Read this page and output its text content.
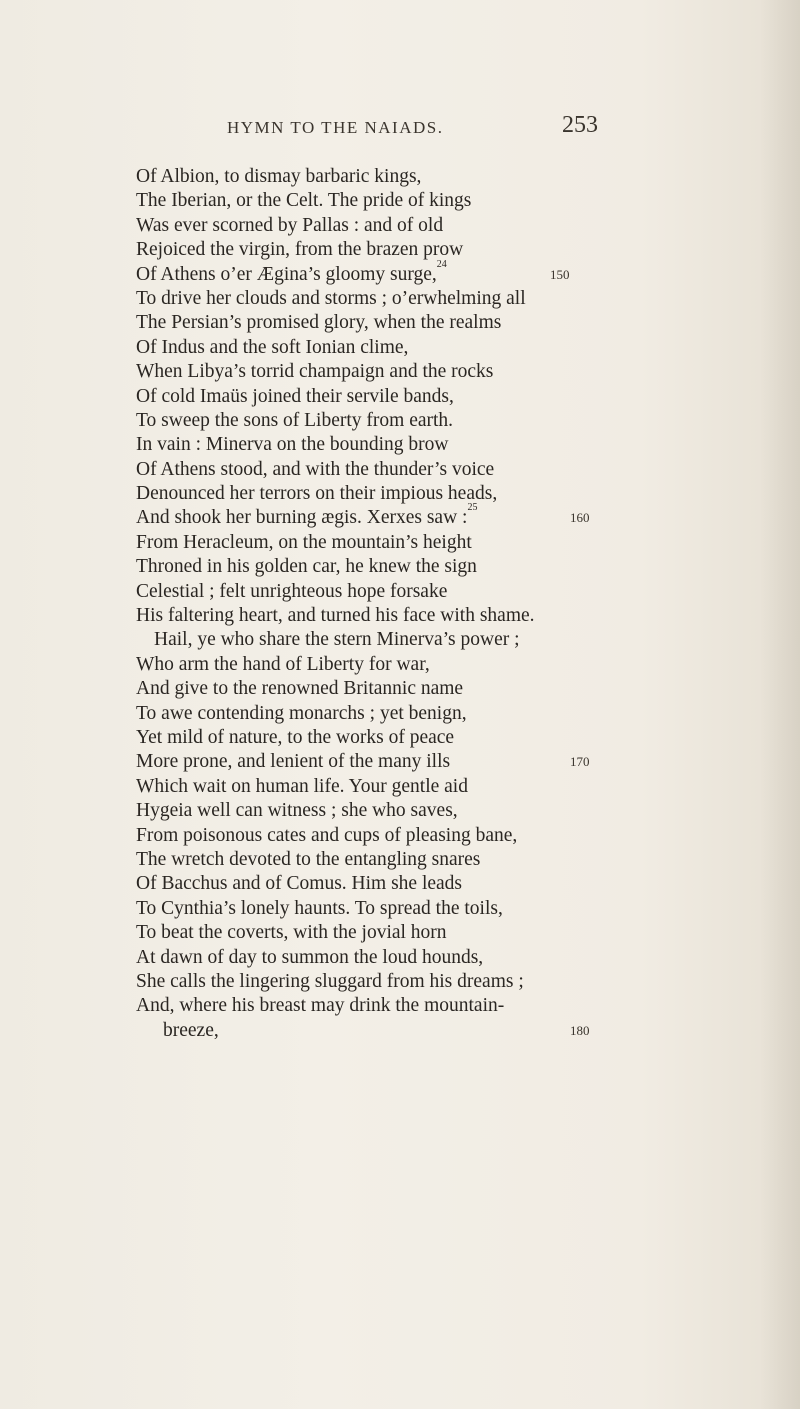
HYMN TO THE NAIADS.	253
Of Albion, to dismay barbaric kings,
The Iberian, or the Celt. The pride of kings
Was ever scorned by Pallas : and of old
Rejoiced the virgin, from the brazen prow
Of Athens o’er Ægina’s gloomy surge,$^{24}$
150
To drive her clouds and storms ; o’erwhelming all
The Persian’s promised glory, when the realms
Of Indus and the soft Ionian clime,
When Libya’s torrid champaign and the rocks
Of cold Imaüs joined their servile bands,
To sweep the sons of Liberty from earth.
In vain : Minerva on the bounding brow
Of Athens stood, and with the thunder’s voice
Denounced her terrors on their impious heads,
And shook her burning ægis. Xerxes saw :$^{25}$
160
From Heracleum, on the mountain’s height
Throned in his golden car, he knew the sign
Celestial ; felt unrighteous hope forsake
His faltering heart, and turned his face with shame.
Hail, ye who share the stern Minerva’s power ;
Who arm the hand of Liberty for war,
And give to the renowned Britannic name
To awe contending monarchs ; yet benign,
Yet mild of nature, to the works of peace
More prone, and lenient of the many ills	170
Which wait on human life. Your gentle aid
Hygeia well can witness ; she who saves,
From poisonous cates and cups of pleasing bane,
The wretch devoted to the entangling snares
Of Bacchus and of Comus. Him she leads
To Cynthia’s lonely haunts. To spread the toils,
To beat the coverts, with the jovial horn
At dawn of day to summon the loud hounds,
She calls the lingering sluggard from his dreams ;
And, where his breast may drink the mountain-
breeze,	180
